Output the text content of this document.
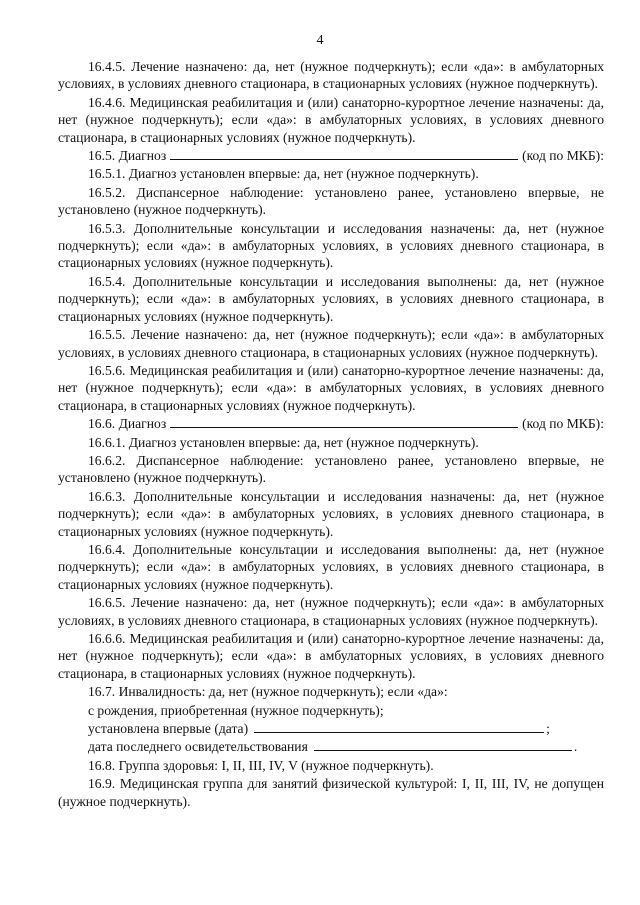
4

16.4.5. Лечение назначено: да, нет (нужное подчеркнуть); если «да»: в амбулаторных условиях, в условиях дневного стационара, в стационарных условиях (нужное подчеркнуть).

16.4.6. Медицинская реабилитация и (или) санаторно-курортное лечение назначены: да, нет (нужное подчеркнуть); если «да»: в амбулаторных условиях, в условиях дневного стационара, в стационарных условиях (нужное подчеркнуть).

16.5. Диагноз	(код по МКБ):

16.5.1. Диагноз установлен впервые: да, нет (нужное подчеркнуть).

16.5.2. Диспансерное наблюдение: установлено ранее, установлено впервые, не установлено (нужное подчеркнуть).

16.5.3. Дополнительные консультации и исследования назначены: да, нет (нужное подчеркнуть); если «да»: в амбулаторных условиях, в условиях дневного стационара, в стационарных условиях (нужное подчеркнуть).

16.5.4. Дополнительные консультации и исследования выполнены: да, нет (нужное подчеркнуть); если «да»: в амбулаторных условиях, в условиях дневного стационара, в стационарных условиях (нужное подчеркнуть).

16.5.5. Лечение назначено: да, нет (нужное подчеркнуть); если «да»: в амбулаторных условиях, в условиях дневного стационара, в стационарных условиях (нужное подчеркнуть).

16.5.6. Медицинская реабилитация и (или) санаторно-курортное лечение назначены: да, нет (нужное подчеркнуть); если «да»: в амбулаторных условиях, в условиях дневного стационара, в стационарных условиях (нужное подчеркнуть).

16.6. Диагноз	(код по МКБ):

16.6.1. Диагноз установлен впервые: да, нет (нужное подчеркнуть).

16.6.2. Диспансерное наблюдение: установлено ранее, установлено впервые, не установлено (нужное подчеркнуть).

16.6.3. Дополнительные консультации и исследования назначены: да, нет (нужное подчеркнуть); если «да»: в амбулаторных условиях, в условиях дневного стационара, в стационарных условиях (нужное подчеркнуть).

16.6.4. Дополнительные консультации и исследования выполнены: да, нет (нужное подчеркнуть); если «да»: в амбулаторных условиях, в условиях дневного стационара, в стационарных условиях (нужное подчеркнуть).

16.6.5. Лечение назначено: да, нет (нужное подчеркнуть); если «да»: в амбулаторных условиях, в условиях дневного стационара, в стационарных условиях (нужное подчеркнуть).

16.6.6. Медицинская реабилитация и (или) санаторно-курортное лечение назначены: да, нет (нужное подчеркнуть); если «да»: в амбулаторных условиях, в условиях дневного стационара, в стационарных условиях (нужное подчеркнуть).

16.7. Инвалидность: да, нет (нужное подчеркнуть); если «да»:

с рождения, приобретенная (нужное подчеркнуть);
установлена впервые (дата)	;
дата последнего освидетельствования	.

16.8. Группа здоровья: I, II, III, IV, V (нужное подчеркнуть).

16.9. Медицинская группа для занятий физической культурой: I, II, III, IV, не допущен (нужное подчеркнуть).
